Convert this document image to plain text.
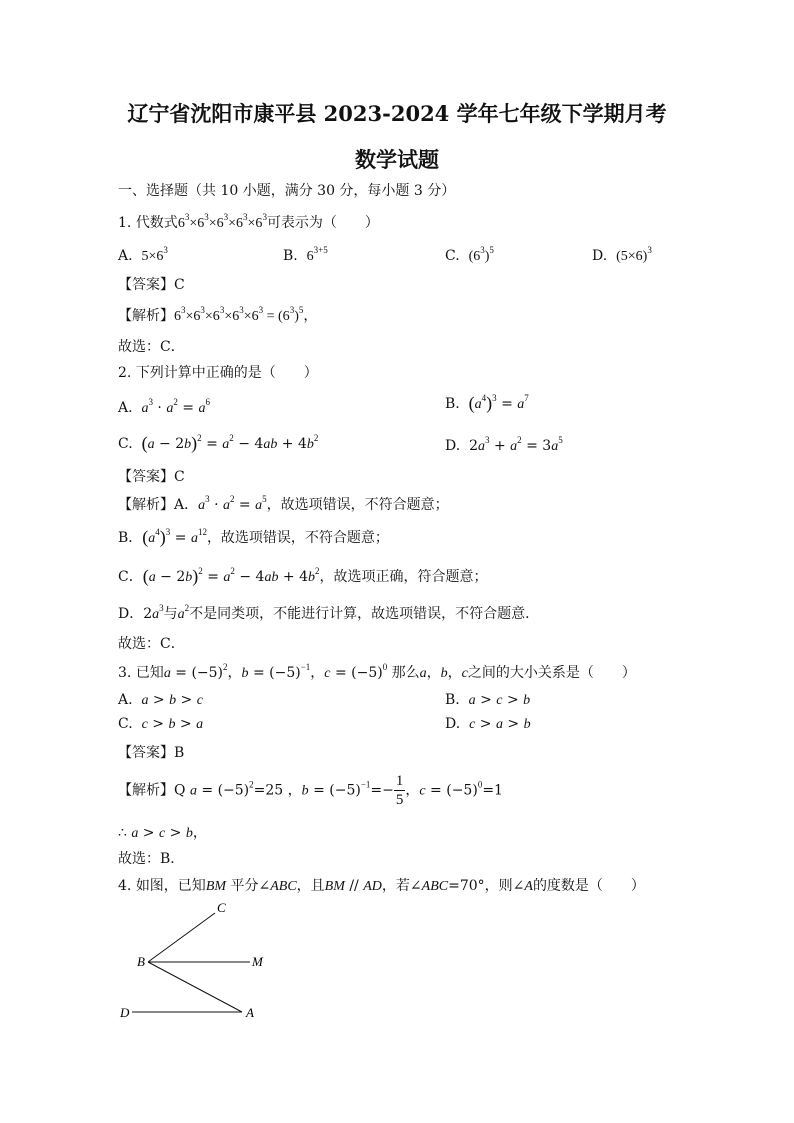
辽宁省沈阳市康平县 2023-2024 学年七年级下学期月考
数学试题
一、选择题（共 10 小题，满分 30 分，每小题 3 分）
1. 代数式$6^3\times 6^3\times 6^3\times 6^3\times 6^3$可表示为（　　）
A. $5\times 6^3$	B. $6^{3+5}$	C. $(6^3)^5$	D. $(5\times 6)^3$
【答案】C
【解析】$6^3\times 6^3\times 6^3\times 6^3\times 6^3 = (6^3)^5$，
故选：C．
2. 下列计算中正确的是（　　）
A. $a^3 \cdot a^2 = a^6$	B. $(a^4)^3 = a^7$
C. $(a - 2b)^2 = a^2 - 4ab + 4b^2$	D.  $2a^3 + a^2 = 3a^5$
【答案】C
【解析】A．$a^3 \cdot a^2 = a^5$，故选项错误，不符合题意；
B．$(a^4)^3 = a^{12}$，故选项错误，不符合题意；
C．$(a - 2b)^2 = a^2 - 4ab + 4b^2$，故选项正确，符合题意；
D．$2a^3$与$a^2$不是同类项，不能进行计算，故选项错误，不符合题意．
故选：C．
3. 已知$a = (-5)^2$，$b = (-5)^{-1}$，$c = (-5)^0$ 那么a，b，c之间的大小关系是（　　）
A. a > b > c	B. a > c > b
C. c > b > a	D. c > a > b
【答案】B
【解析】Q $a = (-5)^2=25$ ，$b = (-5)^{-1}=- \frac{1}{5}$ ，$c = (-5)^0=1$
∴ a > c > b，
故选：B．
4. 如图，已知BM 平分∠ABC，且BM // AD，若∠ABC=70°，则∠A的度数是（　　）
C
B	M
D	A
